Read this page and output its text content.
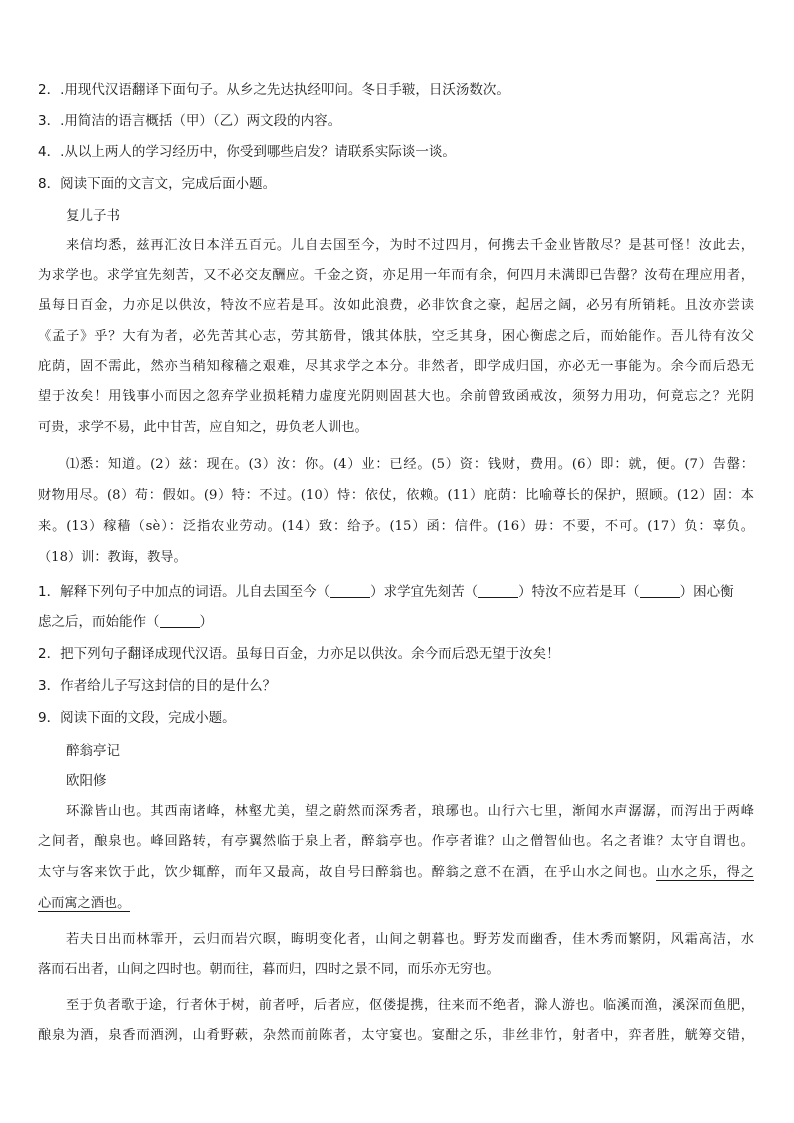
2．.用现代汉语翻译下面句子。从乡之先达执经叩问。冬日手皲，日沃汤数次。
3．.用简洁的语言概括（甲）（乙）两文段的内容。
4．.从以上两人的学习经历中，你受到哪些启发？请联系实际谈一谈。
8．阅读下面的文言文，完成后面小题。
复儿子书
来信均悉，兹再汇汝日本洋五百元。儿自去国至今，为时不过四月，何携去千金业皆散尽？是甚可怪！汝此去，
为求学也。求学宜先刻苦，又不必交友酬应。千金之资，亦足用一年而有余，何四月未满即已告罄？汝苟在理应用者，
虽每日百金，力亦足以供汝，特汝不应若是耳。汝如此浪费，必非饮食之豪，起居之阔，必另有所销耗。且汝亦尝读
《孟子》乎？大有为者，必先苦其心志，劳其筋骨，饿其体肤，空乏其身，困心衡虑之后，而始能作。吾儿待有汝父
庇荫，固不需此，然亦当稍知稼穑之艰难，尽其求学之本分。非然者，即学成归国，亦必无一事能为。余今而后恐无
望于汝矣！用钱事小而因之忽弃学业损耗精力虚度光阴则固甚大也。余前曾致函戒汝，须努力用功，何竟忘之？光阴
可贵，求学不易，此中甘苦，应自知之，毋负老人训也。
⑴悉：知道。(2）兹：现在。(3）汝：你。(4）业：已经。(5）资：钱财，费用。(6）即：就，便。(7）告罄：
财物用尽。(8）苟：假如。(9）特：不过。(10）恃：依仗，依赖。(11）庇荫：比喻尊长的保护，照顾。(12）固：本
来。(13）稼穑（sè）：泛指农业劳动。(14）致：给予。(15）函：信件。(16）毋：不要，不可。(17）负：辜负。
（18）训：教诲，教导。
1．解释下列句子中加点的词语。儿自去国至今（	）求学宜先刻苦（	）特汝不应若是耳（	）困心衡
虑之后，而始能作（	）
2．把下列句子翻译成现代汉语。虽每日百金，力亦足以供汝。余今而后恐无望于汝矣！
3．作者给儿子写这封信的目的是什么？
9．阅读下面的文段，完成小题。
醉翁亭记
欧阳修
环滁皆山也。其西南诸峰，林壑尤美，望之蔚然而深秀者，琅琊也。山行六七里，渐闻水声潺潺，而泻出于两峰
之间者，酿泉也。峰回路转，有亭翼然临于泉上者，醉翁亭也。作亭者谁？山之僧智仙也。名之者谁？太守自谓也。
太守与客来饮于此，饮少辄醉，而年又最高，故自号曰醉翁也。醉翁之意不在酒，在乎山水之间也。山水之乐，得之
心而寓之酒也。
若夫日出而林霏开，云归而岩穴暝，晦明变化者，山间之朝暮也。野芳发而幽香，佳木秀而繁阴，风霜高洁，水
落而石出者，山间之四时也。朝而往，暮而归，四时之景不同，而乐亦无穷也。
至于负者歌于途，行者休于树，前者呼，后者应，伛偻提携，往来而不绝者，滁人游也。临溪而渔，溪深而鱼肥，
酿泉为酒，泉香而酒洌，山肴野蔌，杂然而前陈者，太守宴也。宴酣之乐，非丝非竹，射者中，弈者胜，觥筹交错，
